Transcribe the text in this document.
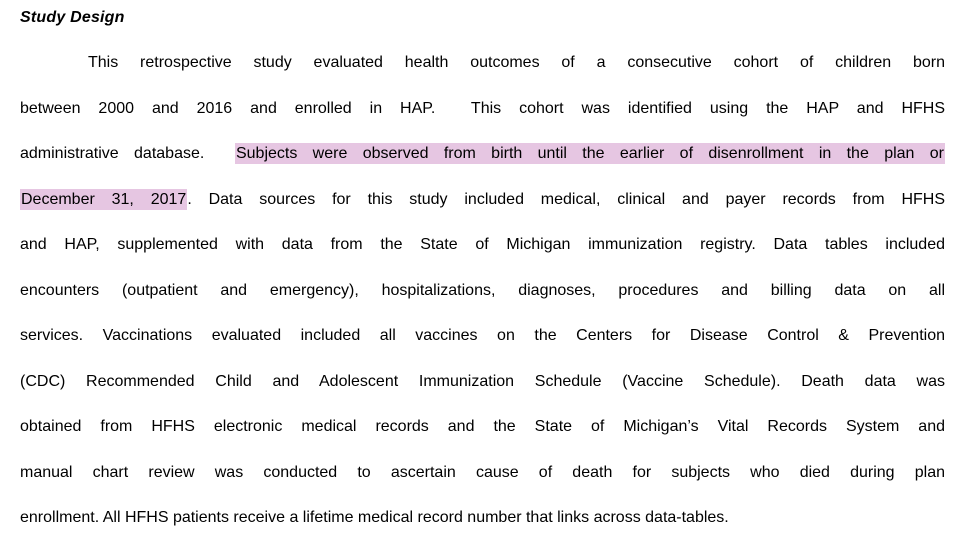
Study Design
This retrospective study evaluated health outcomes of a consecutive cohort of children born
between 2000 and 2016 and enrolled in HAP.  This cohort was identified using the HAP and HFHS
administrative database.  Subjects were observed from birth until the earlier of disenrollment in the plan or
December 31, 2017. Data sources for this study included medical, clinical and payer records from HFHS
and HAP, supplemented with data from the State of Michigan immunization registry. Data tables included
encounters (outpatient and emergency), hospitalizations, diagnoses, procedures and billing data on all
services. Vaccinations evaluated included all vaccines on the Centers for Disease Control & Prevention
(CDC) Recommended Child and Adolescent Immunization Schedule (Vaccine Schedule). Death data was
obtained from HFHS electronic medical records and the State of Michigan’s Vital Records System and
manual chart review was conducted to ascertain cause of death for subjects who died during plan
enrollment. All HFHS patients receive a lifetime medical record number that links across data-tables.
